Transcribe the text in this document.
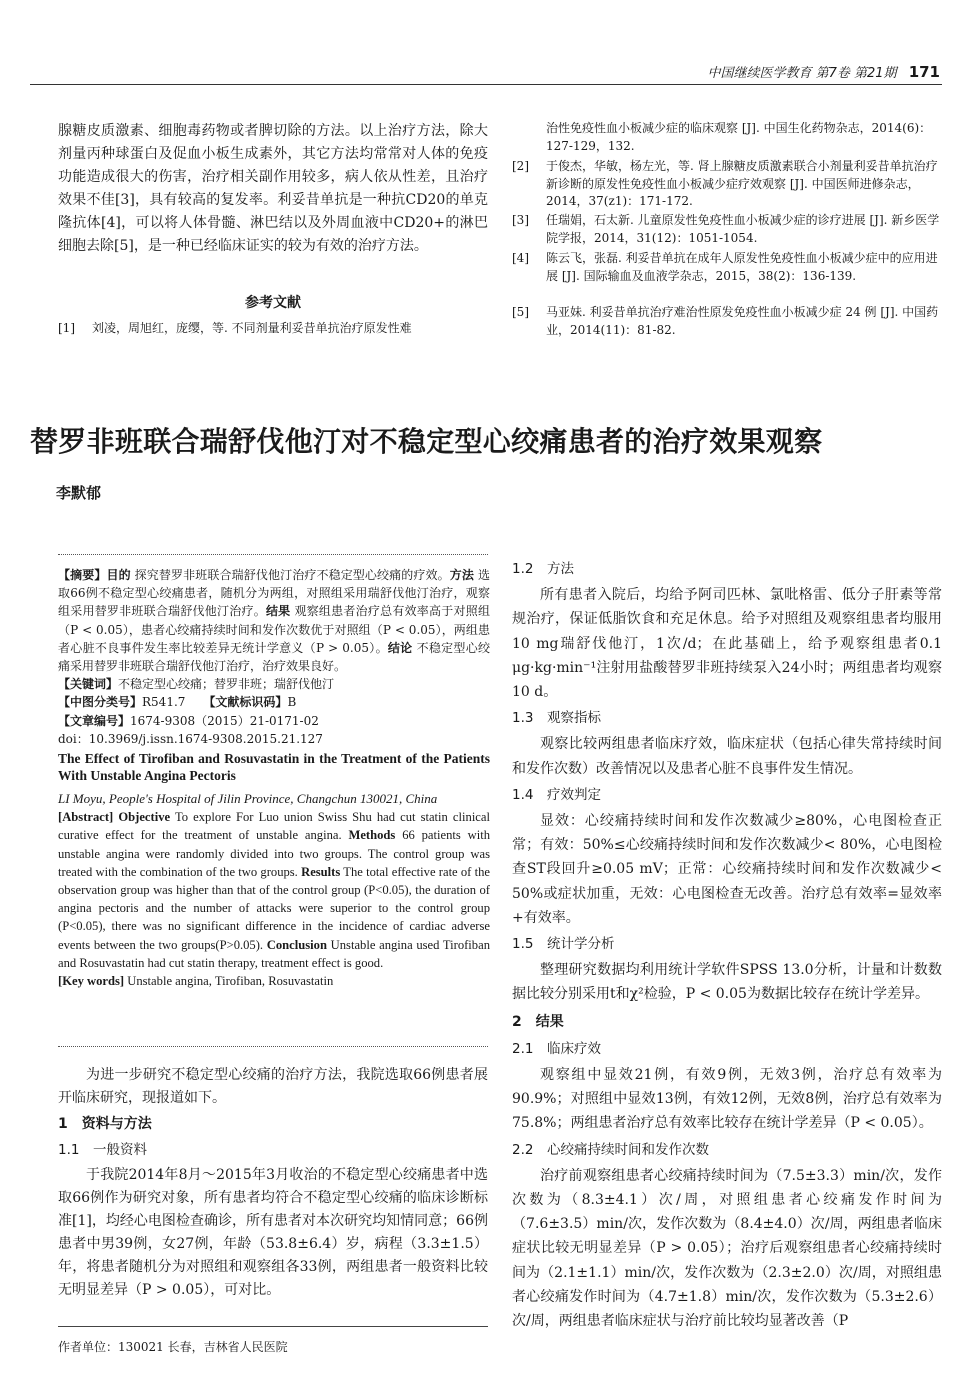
中国继续医学教育 第7卷 第21期 171
腺糖皮质激素、细胞毒药物或者脾切除的方法。以上治疗方法，除大剂量丙种球蛋白及促血小板生成素外，其它方法均常常对人体的免疫功能造成很大的伤害，治疗相关副作用较多，病人依从性差，且治疗效果不佳[3]，具有较高的复发率。利妥昔单抗是一种抗CD20的单克隆抗体[4]，可以将人体骨髓、淋巴结以及外周血液中CD20+的淋巴细胞去除[5]，是一种已经临床证实的较为有效的治疗方法。
参考文献
[1] 刘凌，周旭红，庞缨，等. 不同剂量利妥昔单抗治疗原发性难
治性免疫性血小板减少症的临床观察 [J]. 中国生化药物杂志，2014(6)：127-129，132.
[2] 于俊杰，华敏，杨左光，等. 肾上腺糖皮质激素联合小剂量利妥昔单抗治疗新诊断的原发性免疫性血小板减少症疗效观察 [J]. 中国医师进修杂志，2014，37(z1)：171-172.
[3] 任瑞娟，石太新. 儿童原发性免疫性血小板减少症的诊疗进展 [J]. 新乡医学院学报，2014，31(12)：1051-1054.
[4] 陈云飞，张磊. 利妥昔单抗在成年人原发性免疫性血小板减少症中的应用进展 [J]. 国际输血及血液学杂志，2015，38(2)：136-139.
[5] 马亚妹. 利妥昔单抗治疗难治性原发免疫性血小板减少症 24 例 [J]. 中国药业，2014(11)：81-82.
替罗非班联合瑞舒伐他汀对不稳定型心绞痛患者的治疗效果观察
李默郁
【摘要】目的 探究替罗非班联合瑞舒伐他汀治疗不稳定型心绞痛的疗效。方法 选取66例不稳定型心绞痛患者，随机分为两组，对照组采用瑞舒伐他汀治疗，观察组采用替罗非班联合瑞舒伐他汀治疗。结果 观察组患者治疗总有效率高于对照组（P < 0.05），患者心绞痛持续时间和发作次数优于对照组（P < 0.05），两组患者心脏不良事件发生率比较差异无统计学意义（P > 0.05）。结论 不稳定型心绞痛采用替罗非班联合瑞舒伐他汀治疗，治疗效果良好。
【关键词】不稳定型心绞痛；替罗非班；瑞舒伐他汀
【中图分类号】R541.7　　 【文献标识码】B
【文章编号】1674-9308（2015）21-0171-02
doi：10.3969/j.issn.1674-9308.2015.21.127
The Effect of Tirofiban and Rosuvastatin in the Treatment of the Patients With Unstable Angina Pectoris
LI Moyu, People's Hospital of Jilin Province, Changchun 130021, China
[Abstract] Objective To explore For Luo union Swiss Shu had cut statin clinical curative effect for the treatment of unstable angina. Methods 66 patients with unstable angina were randomly divided into two groups. The control group was treated with the combination of the two groups. Results The total effective rate of the observation group was higher than that of the control group (P<0.05), the duration of angina pectoris and the number of attacks were superior to the control group (P<0.05), there was no significant difference in the incidence of cardiac adverse events between the two groups(P>0.05). Conclusion Unstable angina used Tirofiban and Rosuvastatin had cut statin therapy, treatment effect is good.
[Key words] Unstable angina, Tirofiban, Rosuvastatin

为进一步研究不稳定型心绞痛的治疗方法，我院选取66例患者展开临床研究，现报道如下。

1　资料与方法
1.1　一般资料

于我院2014年8月～2015年3月收治的不稳定型心绞痛患者中选取66例作为研究对象，所有患者均符合不稳定型心绞痛的临床诊断标准[1]，均经心电图检查确诊，所有患者对本次研究均知情同意；66例患者中男39例，女27例，年龄（53.8±6.4）岁，病程（3.3±1.5）年，将患者随机分为对照组和观察组各33例，两组患者一般资料比较无明显差异（P > 0.05），可对比。

1.2　方法

所有患者入院后，均给予阿司匹林、氯吡格雷、低分子肝素等常规治疗，保证低脂饮食和充足休息。给予对照组及观察组患者均服用10 mg瑞舒伐他汀，1次/d；在此基础上，给予观察组患者0.1 μg·kg·min⁻¹注射用盐酸替罗非班持续泵入24小时；两组患者均观察10 d。

1.3　观察指标

观察比较两组患者临床疗效，临床症状（包括心律失常持续时间和发作次数）改善情况以及患者心脏不良事件发生情况。

1.4　疗效判定

显效：心绞痛持续时间和发作次数减少≥80%，心电图检查正常；有效：50%≤心绞痛持续时间和发作次数减少< 80%，心电图检查ST段回升≥0.05 mV；正常：心绞痛持续时间和发作次数减少< 50%或症状加重，无效：心电图检查无改善。治疗总有效率=显效率+有效率。

1.5　统计学分析

整理研究数据均利用统计学软件SPSS 13.0分析，计量和计数数据比较分别采用t和χ²检验，P < 0.05为数据比较存在统计学差异。

2　结果
2.1　临床疗效

观察组中显效21例，有效9例，无效3例，治疗总有效率为90.9%；对照组中显效13例，有效12例，无效8例，治疗总有效率为75.8%；两组患者治疗总有效率比较存在统计学差异（P < 0.05）。

2.2　心绞痛持续时间和发作次数

治疗前观察组患者心绞痛持续时间为（7.5±3.3）min/次，发作次数为（8.3±4.1）次/周，对照组患者心绞痛发作时间为（7.6±3.5）min/次，发作次数为（8.4±4.0）次/周，两组患者临床症状比较无明显差异（P > 0.05）；治疗后观察组患者心绞痛持续时间为（2.1±1.1）min/次，发作次数为（2.3±2.0）次/周，对照组患者心绞痛发作时间为（4.7±1.8）min/次，发作次数为（5.3±2.6）次/周，两组患者临床症状与治疗前比较均显著改善（P

作者单位：130021 长春，吉林省人民医院
